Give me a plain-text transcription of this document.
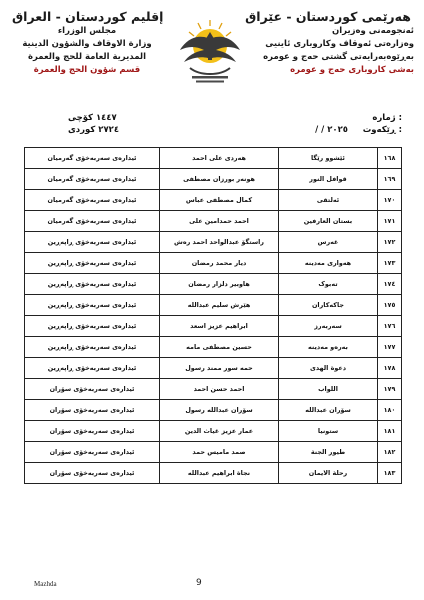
هەرێمی کوردستان - عێراق
ئەنجومەنی وەزیران
وەزارەتی ئەوقاف وکاروباری ئاینیی
بەڕێوەبەرایەتی گشتی حەج و عومرە
بەشی کاروباری حەج و عومرە
إقليم كوردستان - العراق
مجلس الوزراء
وزارة الاوقاف والشؤون الدينية
المديرية العامة للحج والعمرة
قسم شؤون الحج والعمرة
ژمارە :
ڕێکەوت :
/ / ٢٠٢٥
١٤٤٧ کۆچی
٢٧٢٤ کوردی
١٦٨	ئێشوو رێگا	هەردی علی احمد	ئیدارەی سەربەخۆی گەرمیان
١٦٩	قوافل النور	هونەر بورزان مصطفی	ئیدارەی سەربەخۆی گەرمیان
١٧٠	ئەلتقی	کمال مصطفی عباس	ئیدارەی سەربەخۆی گەرمیان
١٧١	بستان العارفين	احمد حمدامين علی	ئیدارەی سەربەخۆی گەرمیان
١٧٢	غەرس	راستگۆ عبدالواحد احمد رەش	ئیدارەی سەربەخۆی ڕاپەڕین
١٧٣	هەواری مەدینە	دیار محمد رمضان	ئیدارەی سەربەخۆی ڕاپەڕین
١٧٤	تەبوک	هاوبیر دلزار رمضان	ئیدارەی سەربەخۆی ڕاپەڕین
١٧٥	جاکەکاران	هێرش سلیم عبدالله	ئیدارەی سەربەخۆی ڕاپەڕین
١٧٦	سەربەرز	ابراهیم عزیز اسعد	ئیدارەی سەربەخۆی ڕاپەڕین
١٧٧	بەرەو مەدینە	حسين مصطفى مامە	ئیدارەی سەربەخۆی ڕاپەڕین
١٧٨	دعوة الهدى	حمە سور ممند رسول	ئیدارەی سەربەخۆی ڕاپەڕین
١٧٩	اللواب	احمد حسن احمد	ئیدارەی سەربەخۆی سۆران
١٨٠	سۆران عبدالله	سۆران عبدالله رسول	ئیدارەی سەربەخۆی سۆران
١٨١	ستونیا	عمار عزیز غیاث الدین	ئیدارەی سەربەخۆی سۆران
١٨٢	طيور الجنة	صمد مامیس حمد	ئیدارەی سەربەخۆی سۆران
١٨٣	رحلة الايمان	نجاة ابراهیم عبدالله	ئیدارەی سەربەخۆی سۆران
Mazhda	9
